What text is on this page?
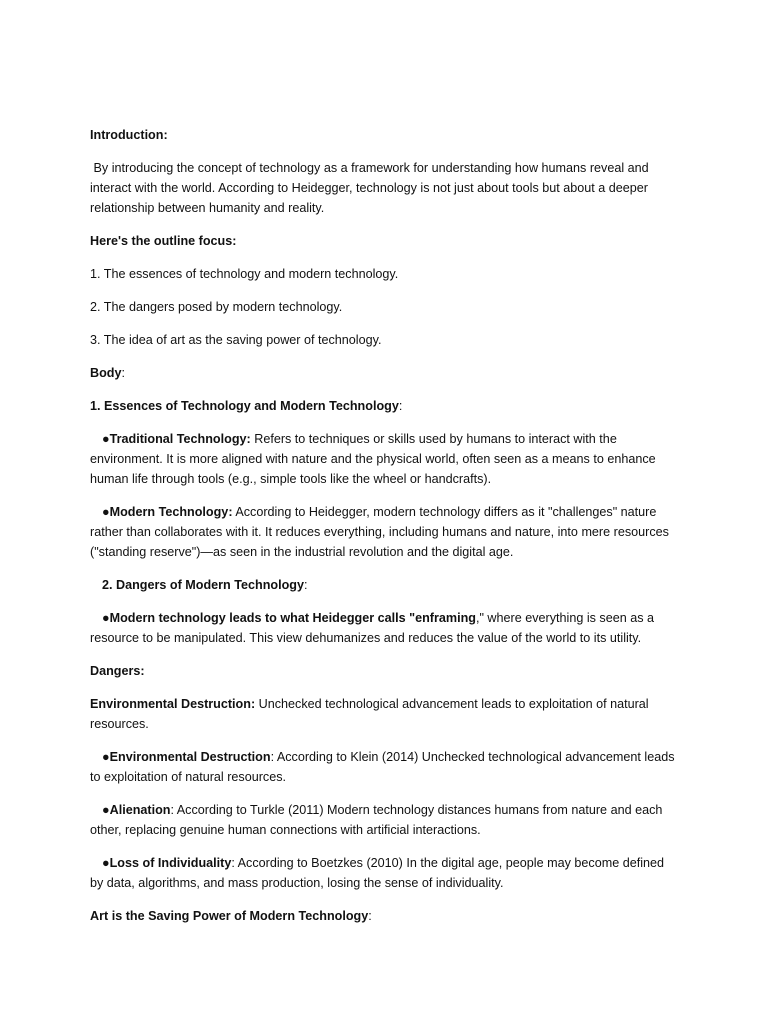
Introduction:

By introducing the concept of technology as a framework for understanding how humans reveal and interact with the world. According to Heidegger, technology is not just about tools but about a deeper relationship between humanity and reality.

Here's the outline focus:

1. The essences of technology and modern technology.

2. The dangers posed by modern technology.

3. The idea of art as the saving power of technology.

Body:

1. Essences of Technology and Modern Technology:

●Traditional Technology: Refers to techniques or skills used by humans to interact with the environment. It is more aligned with nature and the physical world, often seen as a means to enhance human life through tools (e.g., simple tools like the wheel or handcrafts).

●Modern Technology: According to Heidegger, modern technology differs as it "challenges" nature rather than collaborates with it. It reduces everything, including humans and nature, into mere resources ("standing reserve")—as seen in the industrial revolution and the digital age.

2. Dangers of Modern Technology:

●Modern technology leads to what Heidegger calls "enframing," where everything is seen as a resource to be manipulated. This view dehumanizes and reduces the value of the world to its utility.

Dangers:

Environmental Destruction: Unchecked technological advancement leads to exploitation of natural resources.

●Environmental Destruction: According to Klein (2014) Unchecked technological advancement leads to exploitation of natural resources.

●Alienation: According to Turkle (2011) Modern technology distances humans from nature and each other, replacing genuine human connections with artificial interactions.

●Loss of Individuality: According to Boetzkes (2010) In the digital age, people may become defined by data, algorithms, and mass production, losing the sense of individuality.

Art is the Saving Power of Modern Technology:
